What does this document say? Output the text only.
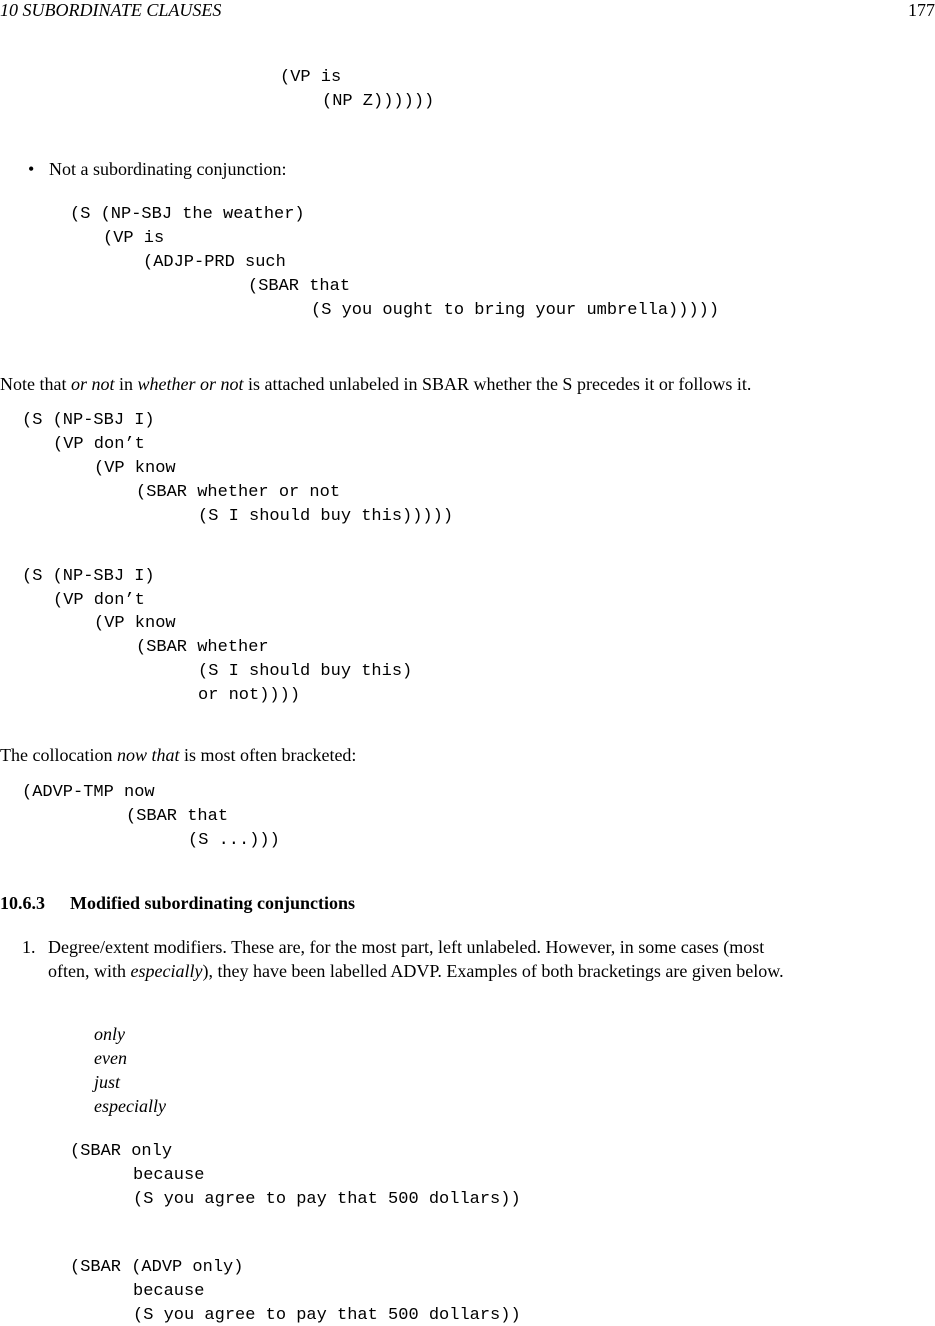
10 SUBORDINATE CLAUSES	177
(VP is
(NP Z))))))
• Not a subordinating conjunction:
(S (NP-SBJ the weather)
(VP is
(ADJP-PRD such
(SBAR that
(S you ought to bring your umbrella)))))
Note that or not in whether or not is attached unlabeled in SBAR whether the S precedes it or follows it.
(S (NP-SBJ I)
(VP don’t
(VP know
(SBAR whether or not
(S I should buy this)))))
(S (NP-SBJ I)
(VP don’t
(VP know
(SBAR whether
(S I should buy this)
or not))))
The collocation now that is most often bracketed:
(ADVP-TMP now
(SBAR that
(S ...)))
10.6.3 Modified subordinating conjunctions
1. Degree/extent modifiers. These are, for the most part, left unlabeled. However, in some cases (most
often, with especially), they have been labelled ADVP. Examples of both bracketings are given below.
only
even
just
especially
(SBAR only
because
(S you agree to pay that 500 dollars))
(SBAR (ADVP only)
because
(S you agree to pay that 500 dollars))
